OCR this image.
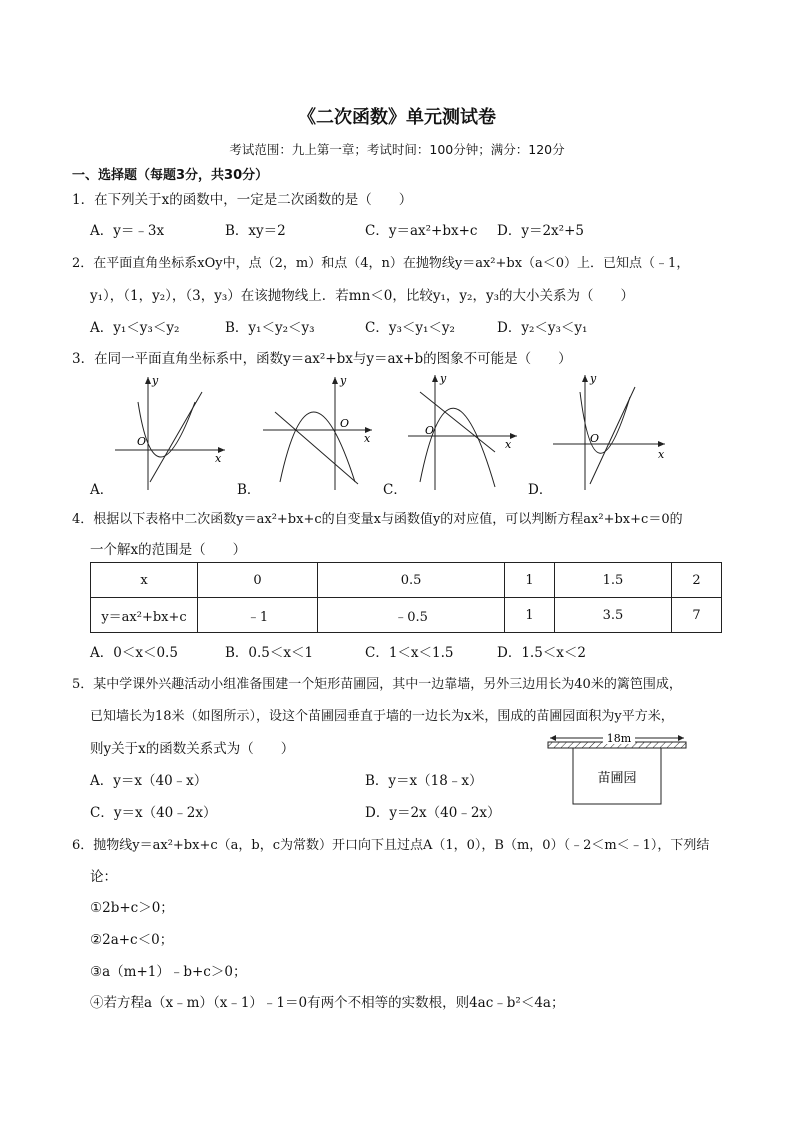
《二次函数》单元测试卷
考试范围：九上第一章；考试时间：100分钟；满分：120分
一、选择题（每题3分，共30分）
1．在下列关于x的函数中，一定是二次函数的是（　　）
A．y＝﹣3x	B．xy＝2	C．y＝ax²+bx+c D．y＝2x²+5
2．在平面直角坐标系xOy中，点（2，m）和点（4，n）在抛物线y＝ax²+bx（a＜0）上．已知点（﹣1，
y₁），（1，y₂），（3，y₃）在该抛物线上．若mn＜0，比较y₁，y₂，y₃的大小关系为（　　）
A．y₁＜y₃＜y₂	B．y₁＜y₂＜y₃	C．y₃＜y₁＜y₂	D．y₂＜y₃＜y₁
3．在同一平面直角坐标系中，函数y＝ax²+bx与y＝ax+b的图象不可能是（　　）
x
y
O
A．
x
y
O
B．
x
y
O
C．
x
y
O
D．
4．根据以下表格中二次函数y＝ax²+bx+c的自变量x与函数值y的对应值，可以判断方程ax²+bx+c＝0的
一个解x的范围是（　　）
x	0	0.5	1	1.5	2
y＝ax²+bx+c	﹣1	﹣0.5	1	3.5	7
A．0＜x＜0.5	B．0.5＜x＜1	C．1＜x＜1.5	D．1.5＜x＜2
5．某中学课外兴趣活动小组准备围建一个矩形苗圃园，其中一边靠墙，另外三边用长为40米的篱笆围成，
已知墙长为18米（如图所示），设这个苗圃园垂直于墙的一边长为x米，围成的苗圃园面积为y平方米，
则y关于x的函数关系式为（　　）
18m
苗圃园
A．y＝x（40﹣x）	B．y＝x（18﹣x）
C．y＝x（40﹣2x）	D．y＝2x（40﹣2x）
6．抛物线y＝ax²+bx+c（a，b，c为常数）开口向下且过点A（1，0），B（m，0）（﹣2＜m＜﹣1），下列结
论：
①2b+c＞0；
②2a+c＜0；
③a（m+1）﹣b+c＞0；
④若方程a（x﹣m）（x﹣1）﹣1＝0有两个不相等的实数根，则4ac﹣b²＜4a；
